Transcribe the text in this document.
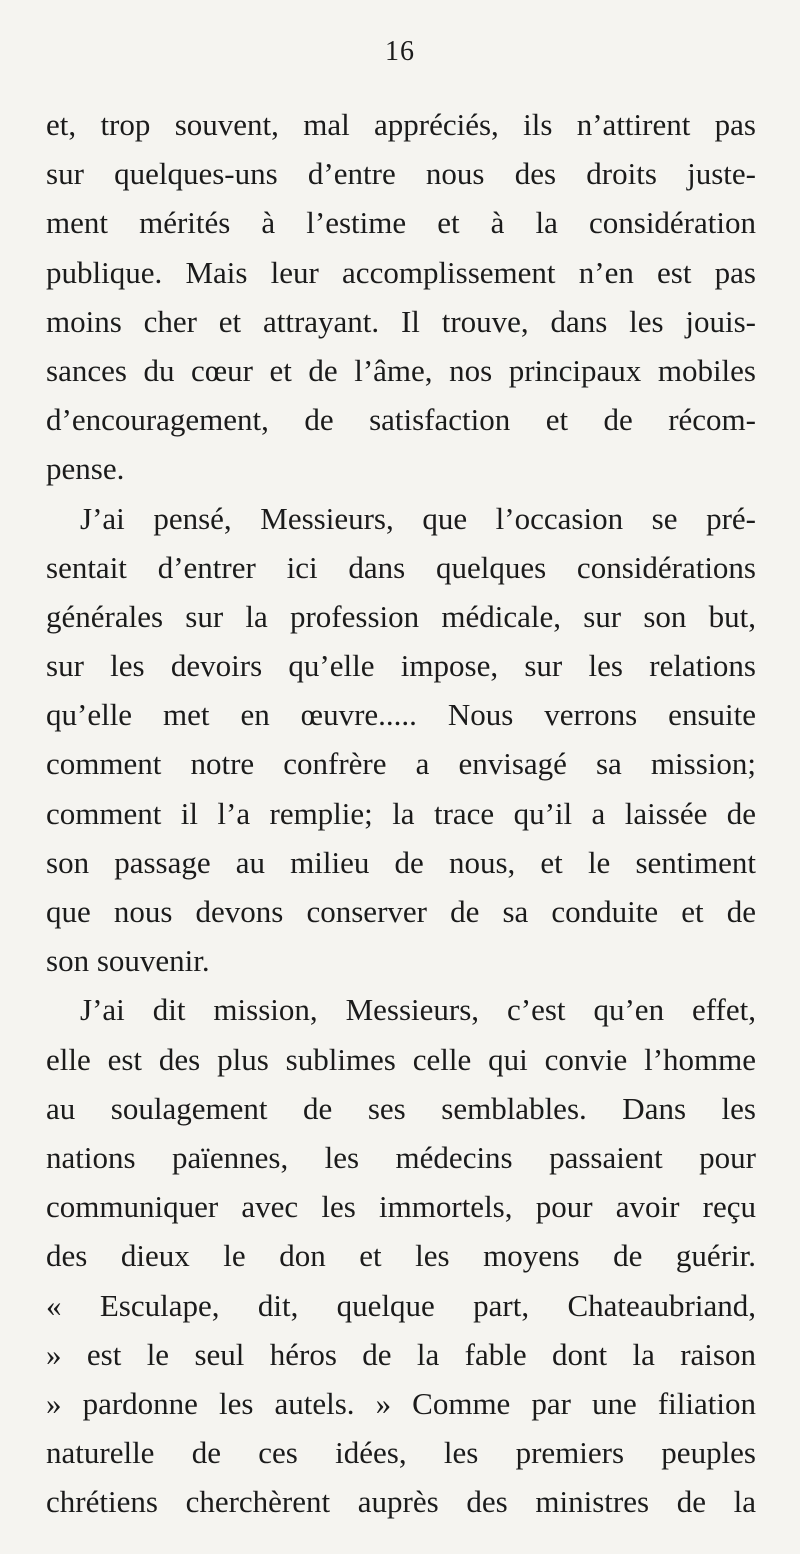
16
et, trop souvent, mal appréciés, ils n’attirent pas
sur quelques-uns d’entre nous des droits juste-
ment mérités à l’estime et à la considération
publique. Mais leur accomplissement n’en est pas
moins cher et attrayant. Il trouve, dans les jouis-
sances du cœur et de l’âme, nos principaux mobiles
d’encouragement, de satisfaction et de récom-
pense.
J’ai pensé, Messieurs, que l’occasion se pré-
sentait d’entrer ici dans quelques considérations
générales sur la profession médicale, sur son but,
sur les devoirs qu’elle impose, sur les relations
qu’elle met en œuvre..... Nous verrons ensuite
comment notre confrère a envisagé sa mission;
comment il l’a remplie; la trace qu’il a laissée de
son passage au milieu de nous, et le sentiment
que nous devons conserver de sa conduite et de
son souvenir.
J’ai dit mission, Messieurs, c’est qu’en effet,
elle est des plus sublimes celle qui convie l’homme
au soulagement de ses semblables. Dans les
nations païennes, les médecins passaient pour
communiquer avec les immortels, pour avoir reçu
des dieux le don et les moyens de guérir.
« Esculape, dit, quelque part, Chateaubriand,
» est le seul héros de la fable dont la raison
» pardonne les autels. » Comme par une filiation
naturelle de ces idées, les premiers peuples
chrétiens cherchèrent auprès des ministres de la
